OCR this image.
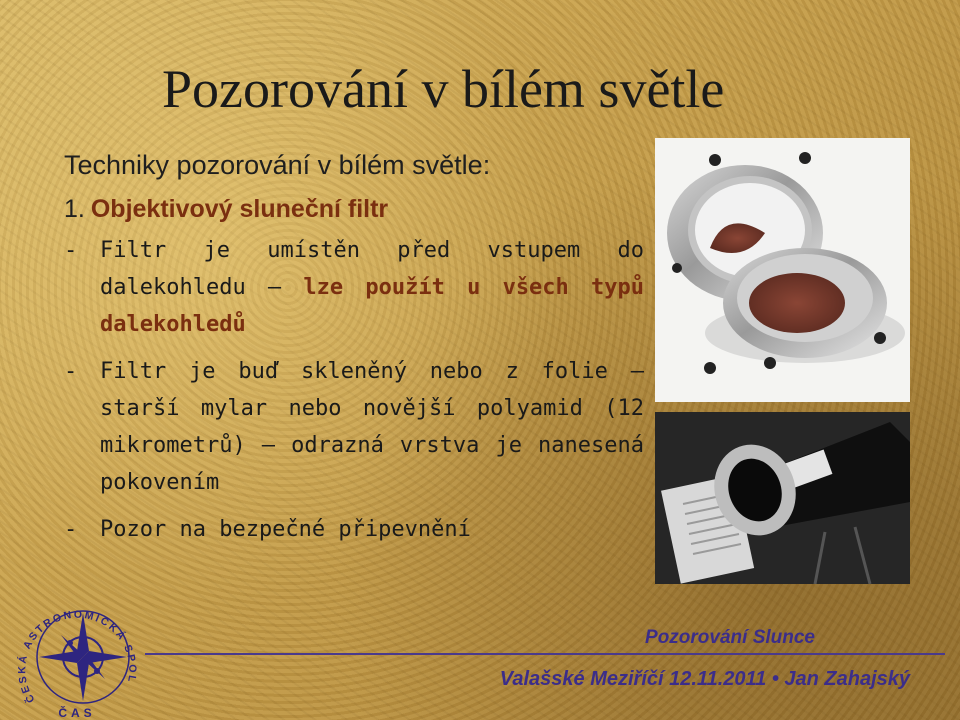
Pozorování v bílém světle
Techniky pozorování v bílém světle:
1. Objektivový sluneční filtr
-	Filtr je umístěn před vstupem do dalekohledu – lze použít u všech typů dalekohledů
-	Filtr je buď skleněný nebo z folie – starší mylar nebo novější polyamid (12 mikrometrů) – odrazná vrstva je nanesená pokovením
-	Pozor na bezpečné připevnění
ČESKÁ ASTRONOMICKÁ SPOL
ČAS
Pozorování Slunce
Valašské Meziříčí 12.11.2011 • Jan Zahajský
